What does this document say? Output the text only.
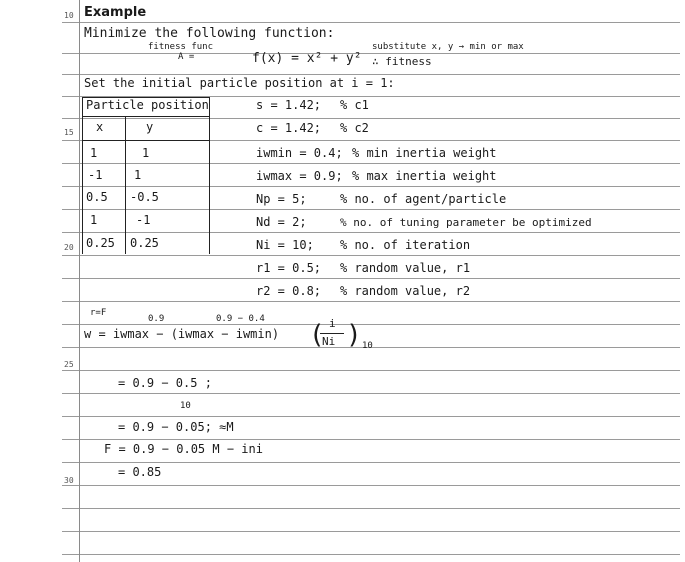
10
15
20
25
30
Example
Minimize the following function:
fitness func
A =	f(x) = x² + y²
substitute x, y → min or max
∴ fitness
Set the initial particle position at i = 1:
Particle position
x	y
1	1
-1	1
0.5 -0.5
1	-1
0.25 0.25
s = 1.42; % c1
c = 1.42; % c2
iwmin = 0.4; % min inertia weight
iwmax = 0.9; % max inertia weight
Np = 5;	% no. of agent/particle
Nd = 2;	% no. of tuning parameter be optimized
Ni = 10; % no. of iteration
r1 = 0.5; % random value, r1
r2 = 0.8; % random value, r2
r=F
0.9	0.9 − 0.4
w = iwmax − (iwmax − iwmin)
i
Ni
( ) 10
= 0.9 − 0.5 ;
10
= 0.9 − 0.05; ≈M
F = 0.9 − 0.05 M − ini
= 0.85
